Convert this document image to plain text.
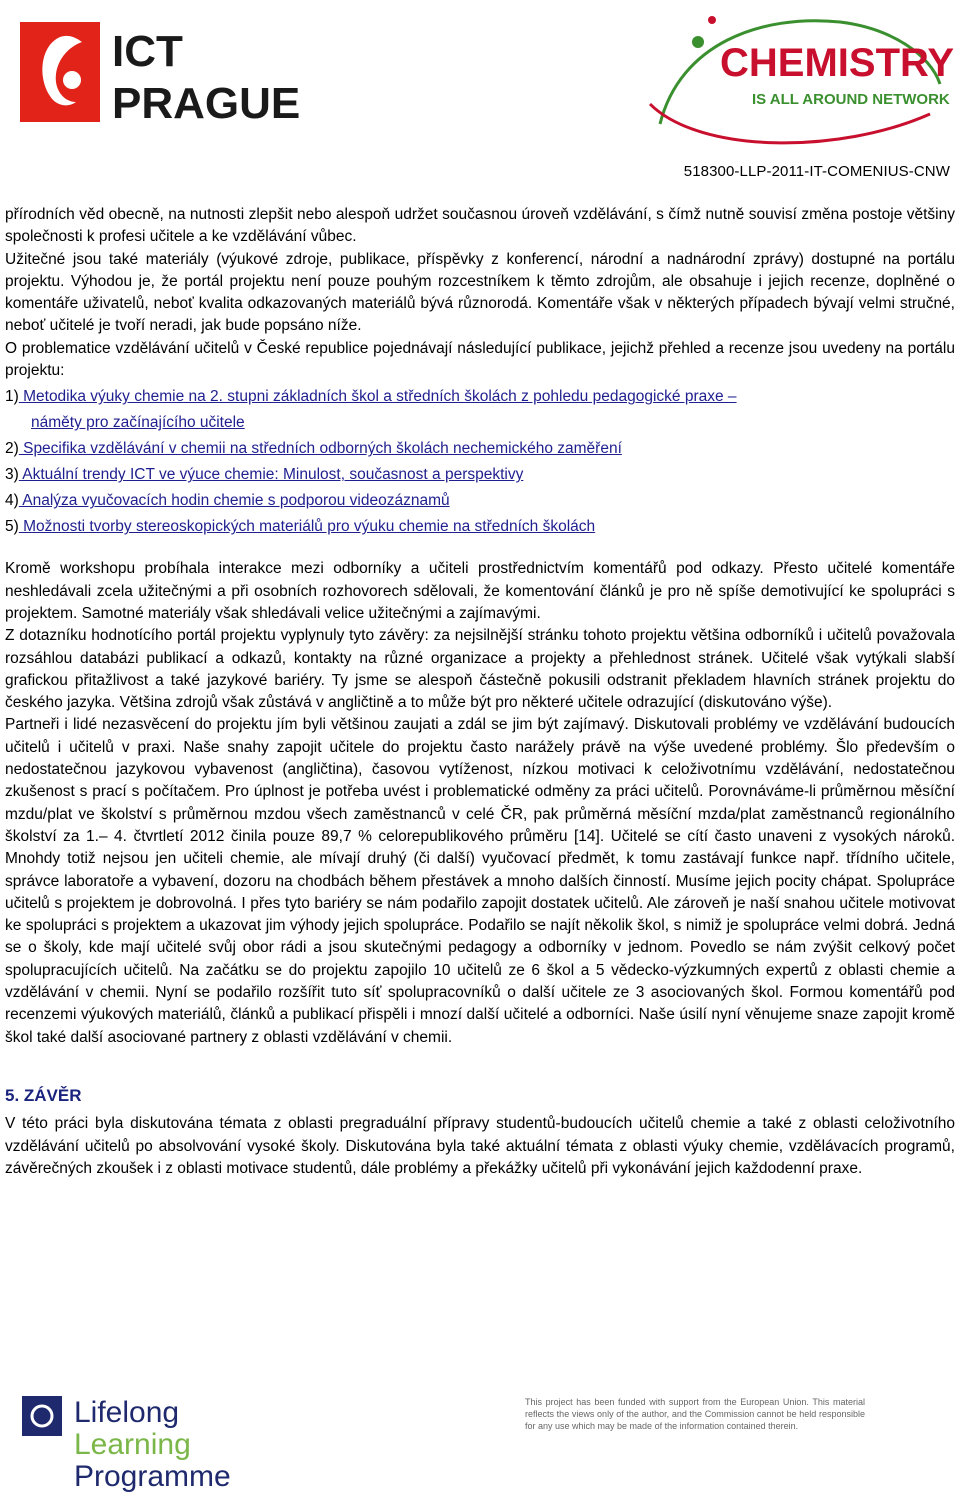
ICT
PRAGUE
CHEMISTRY
IS ALL AROUND NETWORK
518300-LLP-2011-IT-COMENIUS-CNW

přírodních věd obecně, na nutnosti zlepšit nebo alespoň udržet současnou úroveň vzdělávání, s čímž nutně souvisí změna postoje většiny společnosti k profesi učitele a ke vzdělávání vůbec.

Užitečné jsou také materiály (výukové zdroje, publikace, příspěvky z konferencí, národní a nadnárodní zprávy) dostupné na portálu projektu. Výhodou je, že portál projektu není pouze pouhým rozcestníkem k těmto zdrojům, ale obsahuje i jejich recenze, doplněné o komentáře uživatelů, neboť kvalita odkazovaných materiálů bývá různorodá. Komentáře však v některých případech bývají velmi stručné, neboť učitelé je tvoří neradi, jak bude popsáno níže.

O problematice vzdělávání učitelů v České republice pojednávají následující publikace, jejichž přehled a recenze jsou uvedeny na portálu projektu:

1) Metodika výuky chemie na 2. stupni základních škol a středních školách z pohledu pedagogické praxe –
náměty pro začínajícího učitele
2) Specifika vzdělávání v chemii na středních odborných školách nechemického zaměření
3) Aktuální trendy ICT ve výuce chemie: Minulost, současnost a perspektivy
4) Analýza vyučovacích hodin chemie s podporou videozáznamů
5) Možnosti tvorby stereoskopických materiálů pro výuku chemie na středních školách

Kromě workshopu probíhala interakce mezi odborníky a učiteli prostřednictvím komentářů pod odkazy. Přesto učitelé komentáře neshledávali zcela užitečnými a při osobních rozhovorech sdělovali, že komentování článků je pro ně spíše demotivující ke spolupráci s projektem. Samotné materiály však shledávali velice užitečnými a zajímavými.

Z dotazníku hodnotícího portál projektu vyplynuly tyto závěry: za nejsilnější stránku tohoto projektu většina odborníků i učitelů považovala rozsáhlou databázi publikací a odkazů, kontakty na různé organizace a projekty a přehlednost stránek. Učitelé však vytýkali slabší grafickou přitažlivost a také jazykové bariéry. Ty jsme se alespoň částečně pokusili odstranit překladem hlavních stránek projektu do českého jazyka. Většina zdrojů však zůstává v angličtině a to může být pro některé učitele odrazující (diskutováno výše).

Partneři i lidé nezasvěcení do projektu jím byli většinou zaujati a zdál se jim být zajímavý. Diskutovali problémy ve vzdělávání budoucích učitelů i učitelů v praxi. Naše snahy zapojit učitele do projektu často narážely právě na výše uvedené problémy. Šlo především o nedostatečnou jazykovou vybavenost (angličtina), časovou vytíženost, nízkou motivaci k celoživotnímu vzdělávání, nedostatečnou zkušenost s prací s počítačem. Pro úplnost je potřeba uvést i problematické odměny za práci učitelů. Porovnáváme-li průměrnou měsíční mzdu/plat ve školství s průměrnou mzdou všech zaměstnanců v celé ČR, pak průměrná měsíční mzda/plat zaměstnanců regionálního školství za 1.– 4. čtvrtletí 2012 činila pouze 89,7 % celorepublikového průměru [14]. Učitelé se cítí často unaveni z vysokých nároků. Mnohdy totiž nejsou jen učiteli chemie, ale mívají druhý (či další) vyučovací předmět, k tomu zastávají funkce např. třídního učitele, správce laboratoře a vybavení, dozoru na chodbách během přestávek a mnoho dalších činností. Musíme jejich pocity chápat. Spolupráce učitelů s projektem je dobrovolná. I přes tyto bariéry se nám podařilo zapojit dostatek učitelů. Ale zároveň je naší snahou učitele motivovat ke spolupráci s projektem a ukazovat jim výhody jejich spolupráce. Podařilo se najít několik škol, s nimiž je spolupráce velmi dobrá. Jedná se o školy, kde mají učitelé svůj obor rádi a jsou skutečnými pedagogy a odborníky v jednom. Povedlo se nám zvýšit celkový počet spolupracujících učitelů. Na začátku se do projektu zapojilo 10 učitelů ze 6 škol a 5 vědecko-výzkumných expertů z oblasti chemie a vzdělávání v chemii. Nyní se podařilo rozšířit tuto síť spolupracovníků o další učitele ze 3 asociovaných škol. Formou komentářů pod recenzemi výukových materiálů, článků a publikací přispěli i mnozí další učitelé a odborníci. Naše úsilí nyní věnujeme snaze zapojit kromě škol také další asociované partnery z oblasti vzdělávání v chemii.

5. ZÁVĚR

V této práci byla diskutována témata z oblasti pregraduální přípravy studentů-budoucích učitelů chemie a také z oblasti celoživotního vzdělávání učitelů po absolvování vysoké školy. Diskutována byla také aktuální témata z oblasti výuky chemie, vzdělávacích programů, závěrečných zkoušek i z oblasti motivace studentů, dále problémy a překážky učitelů při vykonávání jejich každodenní praxe.

Lifelong
Learning
Programme
This project has been funded with support from the European Union. This material reflects the views only of the author, and the Commission cannot be held responsible for any use which may be made of the information contained therein.
